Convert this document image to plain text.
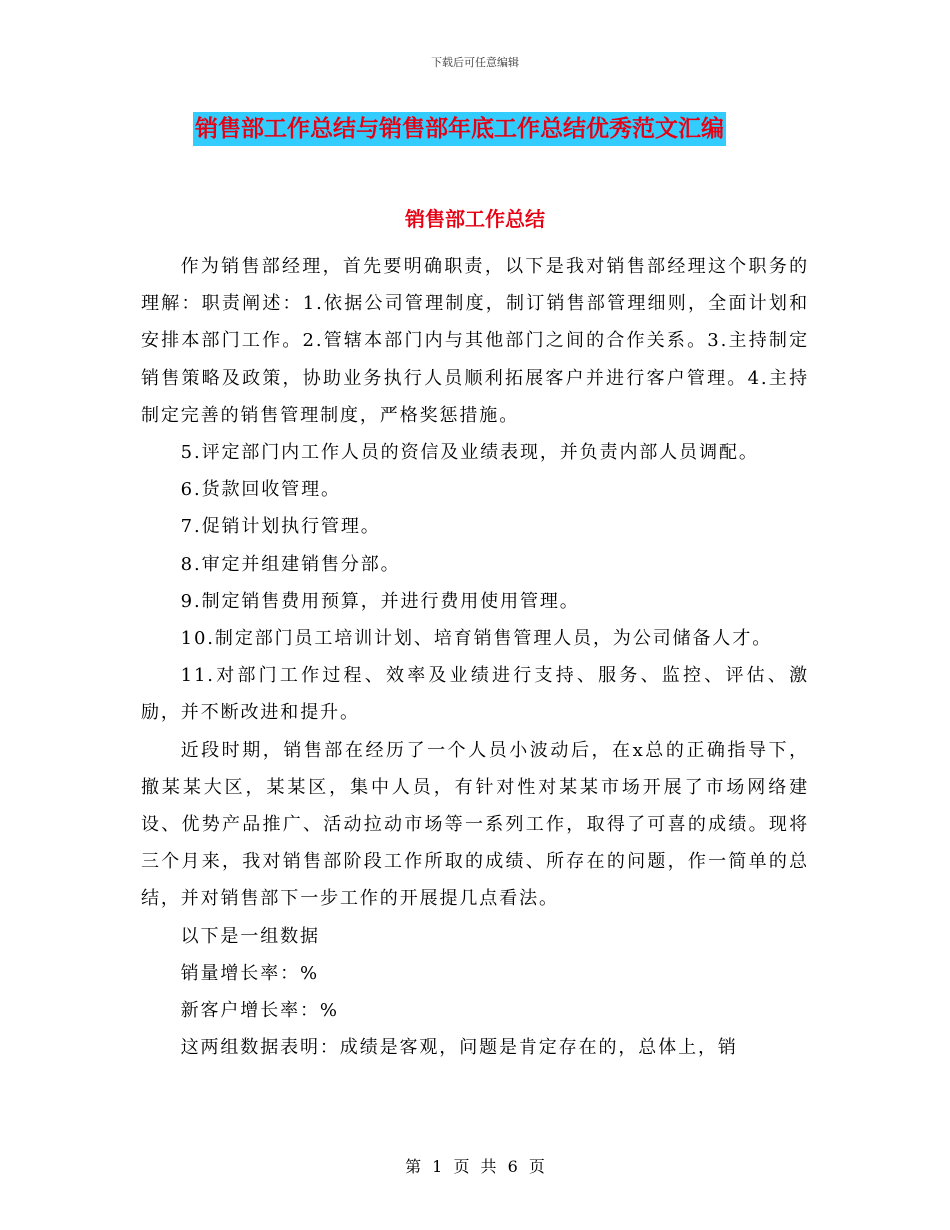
下载后可任意编辑
销售部工作总结与销售部年底工作总结优秀范文汇编
销售部工作总结

作为销售部经理，首先要明确职责，以下是我对销售部经理这个职务的理解：职责阐述：1.依据公司管理制度，制订销售部管理细则，全面计划和安排本部门工作。2.管辖本部门内与其他部门之间的合作关系。3.主持制定销售策略及政策，协助业务执行人员顺利拓展客户并进行客户管理。4.主持制定完善的销售管理制度，严格奖惩措施。

5.评定部门内工作人员的资信及业绩表现，并负责内部人员调配。

6.货款回收管理。

7.促销计划执行管理。

8.审定并组建销售分部。

9.制定销售费用预算，并进行费用使用管理。

10.制定部门员工培训计划、培育销售管理人员，为公司储备人才。

11.对部门工作过程、效率及业绩进行支持、服务、监控、评估、激励，并不断改进和提升。

近段时期，销售部在经历了一个人员小波动后，在x总的正确指导下，撤某某大区，某某区，集中人员，有针对性对某某市场开展了市场网络建设、优势产品推广、活动拉动市场等一系列工作，取得了可喜的成绩。现将三个月来，我对销售部阶段工作所取的成绩、所存在的问题，作一简单的总结，并对销售部下一步工作的开展提几点看法。

以下是一组数据

销量增长率：%

新客户增长率：%

这两组数据表明：成绩是客观，问题是肯定存在的，总体上，销

第 1 页 共 6 页
